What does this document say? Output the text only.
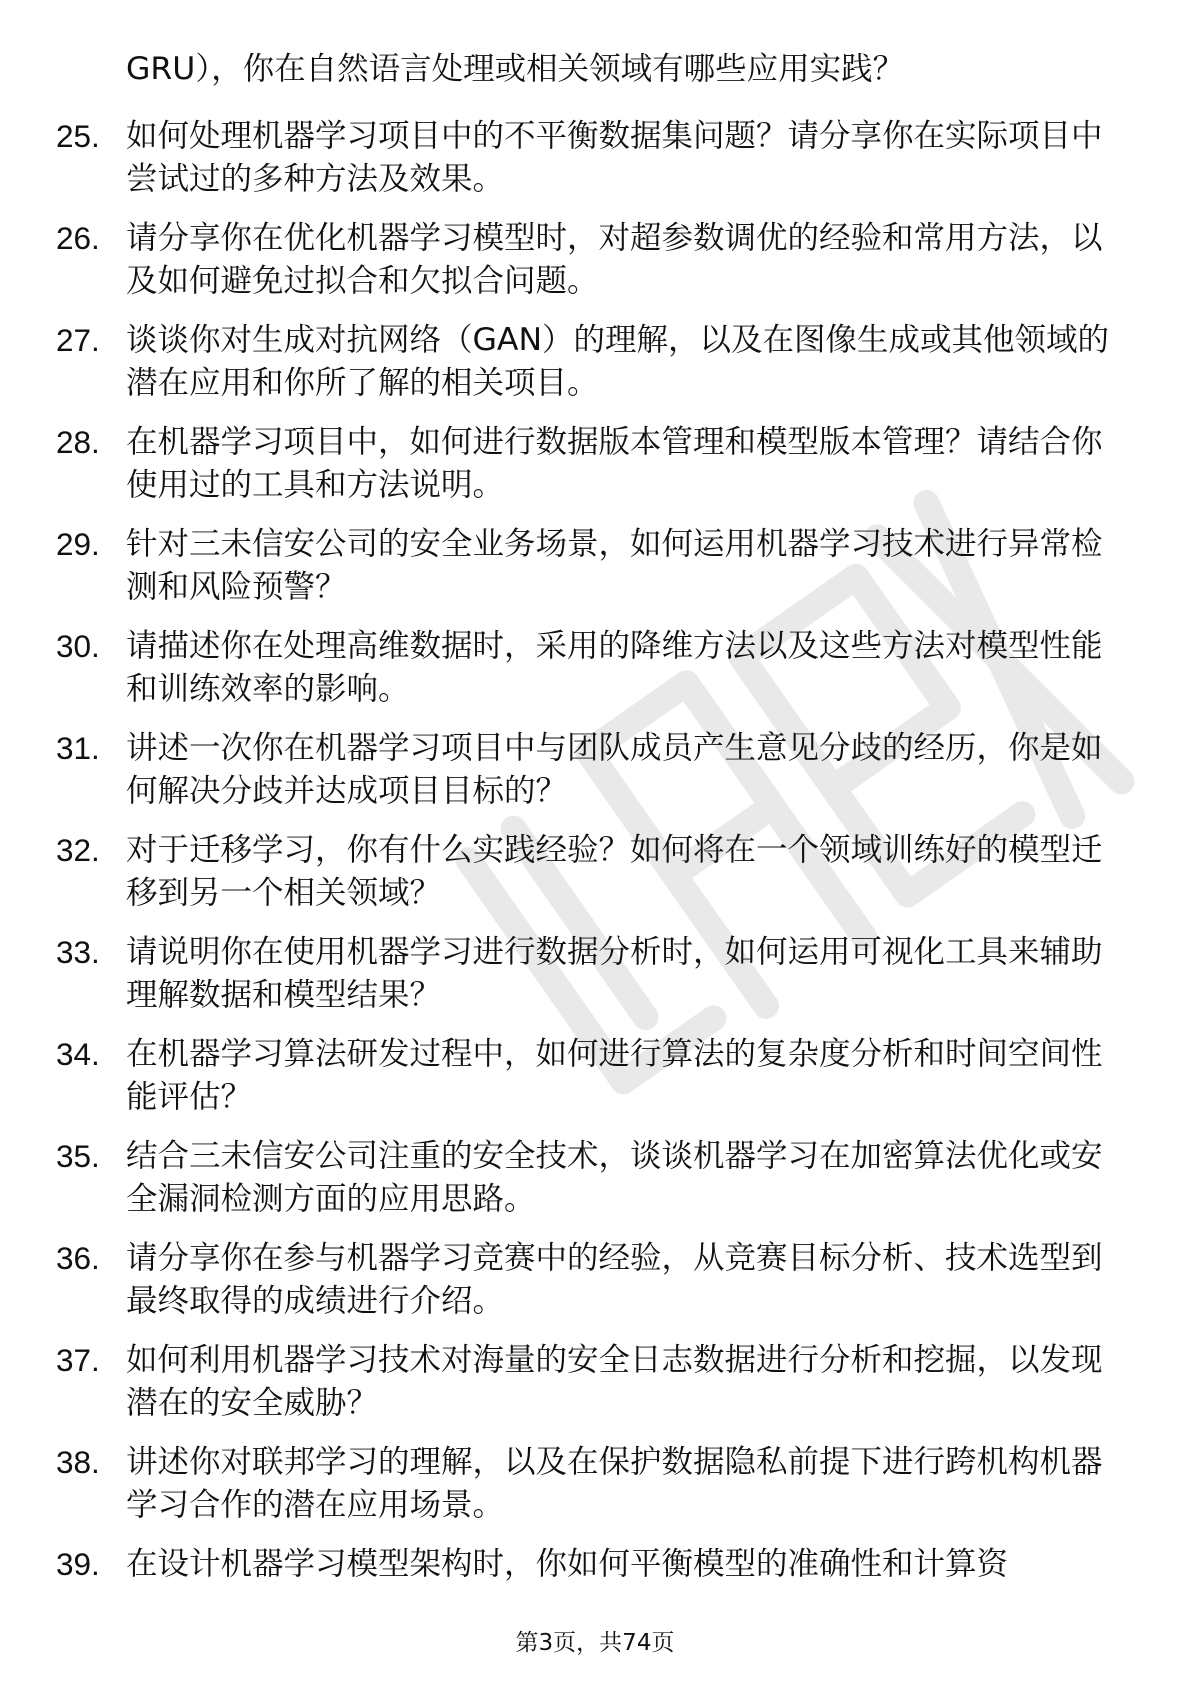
GRU），你在自然语言处理或相关领域有哪些应用实践？
25. 如何处理机器学习项目中的不平衡数据集问题？请分享你在实际项目中尝试过的多种方法及效果。
26. 请分享你在优化机器学习模型时，对超参数调优的经验和常用方法，以及如何避免过拟合和欠拟合问题。
27. 谈谈你对生成对抗网络（GAN）的理解，以及在图像生成或其他领域的潜在应用和你所了解的相关项目。
28. 在机器学习项目中，如何进行数据版本管理和模型版本管理？请结合你使用过的工具和方法说明。
29. 针对三未信安公司的安全业务场景，如何运用机器学习技术进行异常检测和风险预警？
30. 请描述你在处理高维数据时，采用的降维方法以及这些方法对模型性能和训练效率的影响。
31. 讲述一次你在机器学习项目中与团队成员产生意见分歧的经历，你是如何解决分歧并达成项目目标的？
32. 对于迁移学习，你有什么实践经验？如何将在一个领域训练好的模型迁移到另一个相关领域？
33. 请说明你在使用机器学习进行数据分析时，如何运用可视化工具来辅助理解数据和模型结果？
34. 在机器学习算法研发过程中，如何进行算法的复杂度分析和时间空间性能评估？
35. 结合三未信安公司注重的安全技术，谈谈机器学习在加密算法优化或安全漏洞检测方面的应用思路。
36. 请分享你在参与机器学习竞赛中的经验，从竞赛目标分析、技术选型到最终取得的成绩进行介绍。
37. 如何利用机器学习技术对海量的安全日志数据进行分析和挖掘，以发现潜在的安全威胁？
38. 讲述你对联邦学习的理解，以及在保护数据隐私前提下进行跨机构机器学习合作的潜在应用场景。
39. 在设计机器学习模型架构时，你如何平衡模型的准确性和计算资
第3页，共74页
